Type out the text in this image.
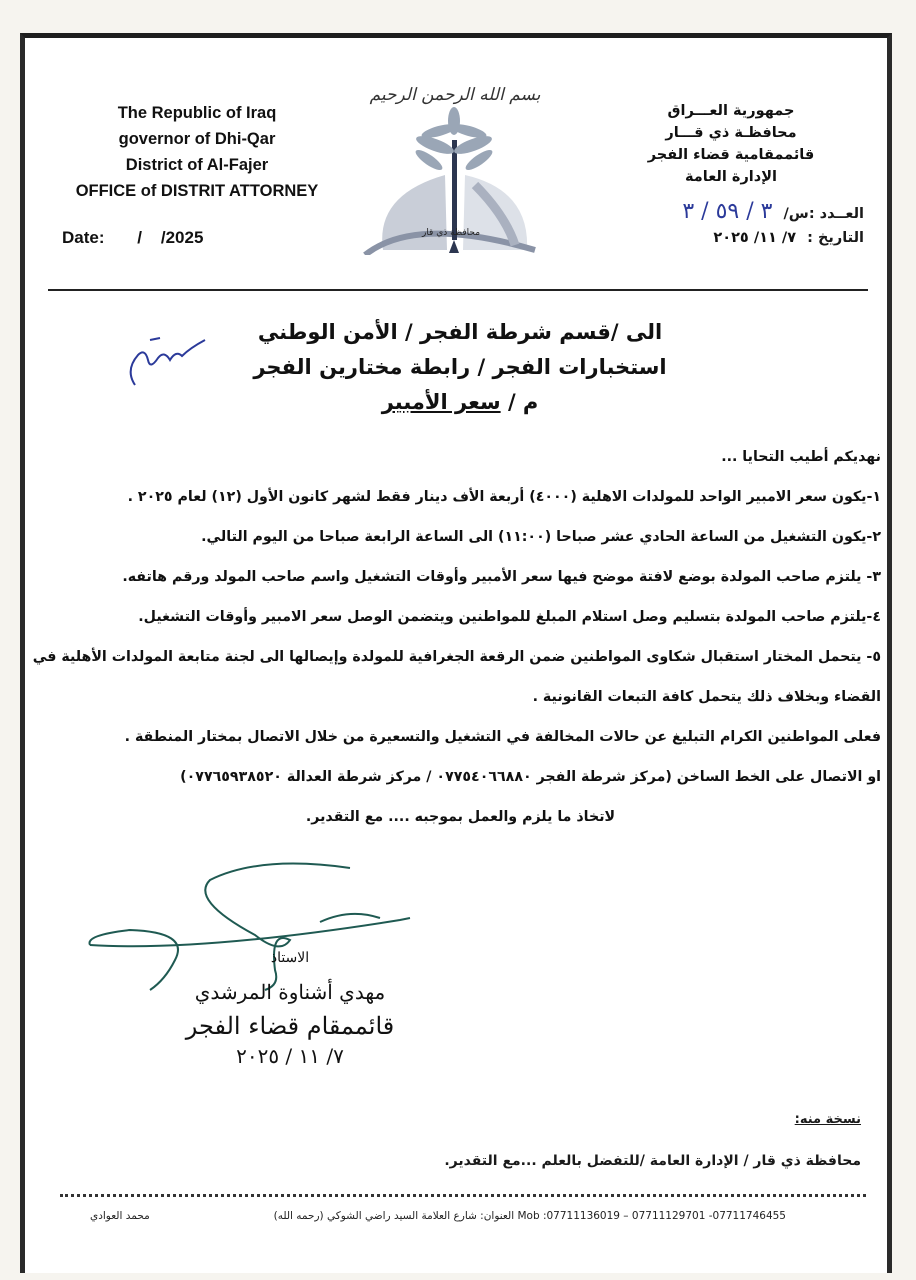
The Republic of Iraq
governor of Dhi-Qar
District of Al-Fajer
OFFICE of DISTRIT ATTORNEY
Date: /    /2025
بسم الله الرحمن الرحيم
محافظة ذي قار
جمهورية العـــراق
محافظـة ذي قـــار
قائممقامية قضاء الفجر
الإدارة العامة
العــدد :س/ ٣ / ٥٩ / ٣
التاريخ : ٧/ ١١/ ٢٠٢٥
الى /قسم شرطة الفجر / الأمن الوطني
استخبارات الفجر / رابطة مختارين الفجر
م / سعر الأمبير

نهديكم أطيب التحايا ...

١-يكون سعر الامبير الواحد للمولدات الاهلية (٤٠٠٠) أربعة الأف دينار فقط لشهر كانون الأول (١٢) لعام ٢٠٢٥ .

٢-يكون التشغيل من الساعة الحادي عشر صباحا (١١:٠٠) الى الساعة الرابعة صباحا من اليوم التالي.

٣- يلتزم صاحب المولدة بوضع لافتة موضح فيها سعر الأمبير وأوقات التشغيل واسم صاحب المولد ورقم هاتفه.

٤-يلتزم صاحب المولدة بتسليم وصل استلام المبلغ للمواطنين ويتضمن الوصل سعر الامبير وأوقات التشغيل.

٥- يتحمل المختار استقبال شكاوى المواطنين ضمن الرقعة الجغرافية للمولدة وإيصالها الى لجنة متابعة المولدات الأهلية في

القضاء وبخلاف ذلك يتحمل كافة التبعات القانونية .

فعلى المواطنين الكرام التبليغ عن حالات المخالفة في التشغيل والتسعيرة من خلال الاتصال بمختار المنطقة .

او الاتصال على الخط الساخن (مركز شرطة الفجر ٠٧٧٥٤٠٦٦٨٨٠ / مركز شرطة العدالة ٠٧٧٦٥٩٣٨٥٢٠)

لاتخاذ ما يلزم والعمل بموجبه .... مع التقدير.

الاستاذ
مهدي أشناوة المرشدي
قائممقام قضاء الفجر
٧/ ١١ / ٢٠٢٥
نسخة منه:
محافظة ذي قار / الإدارة العامة /للتفضل بالعلم ...مع التقدير.
محمد العوادي	العنوان: شارع العلامة السيد راضي الشوكي (رحمه الله) Mob :07711136019 – 07711129701 -07711746455
